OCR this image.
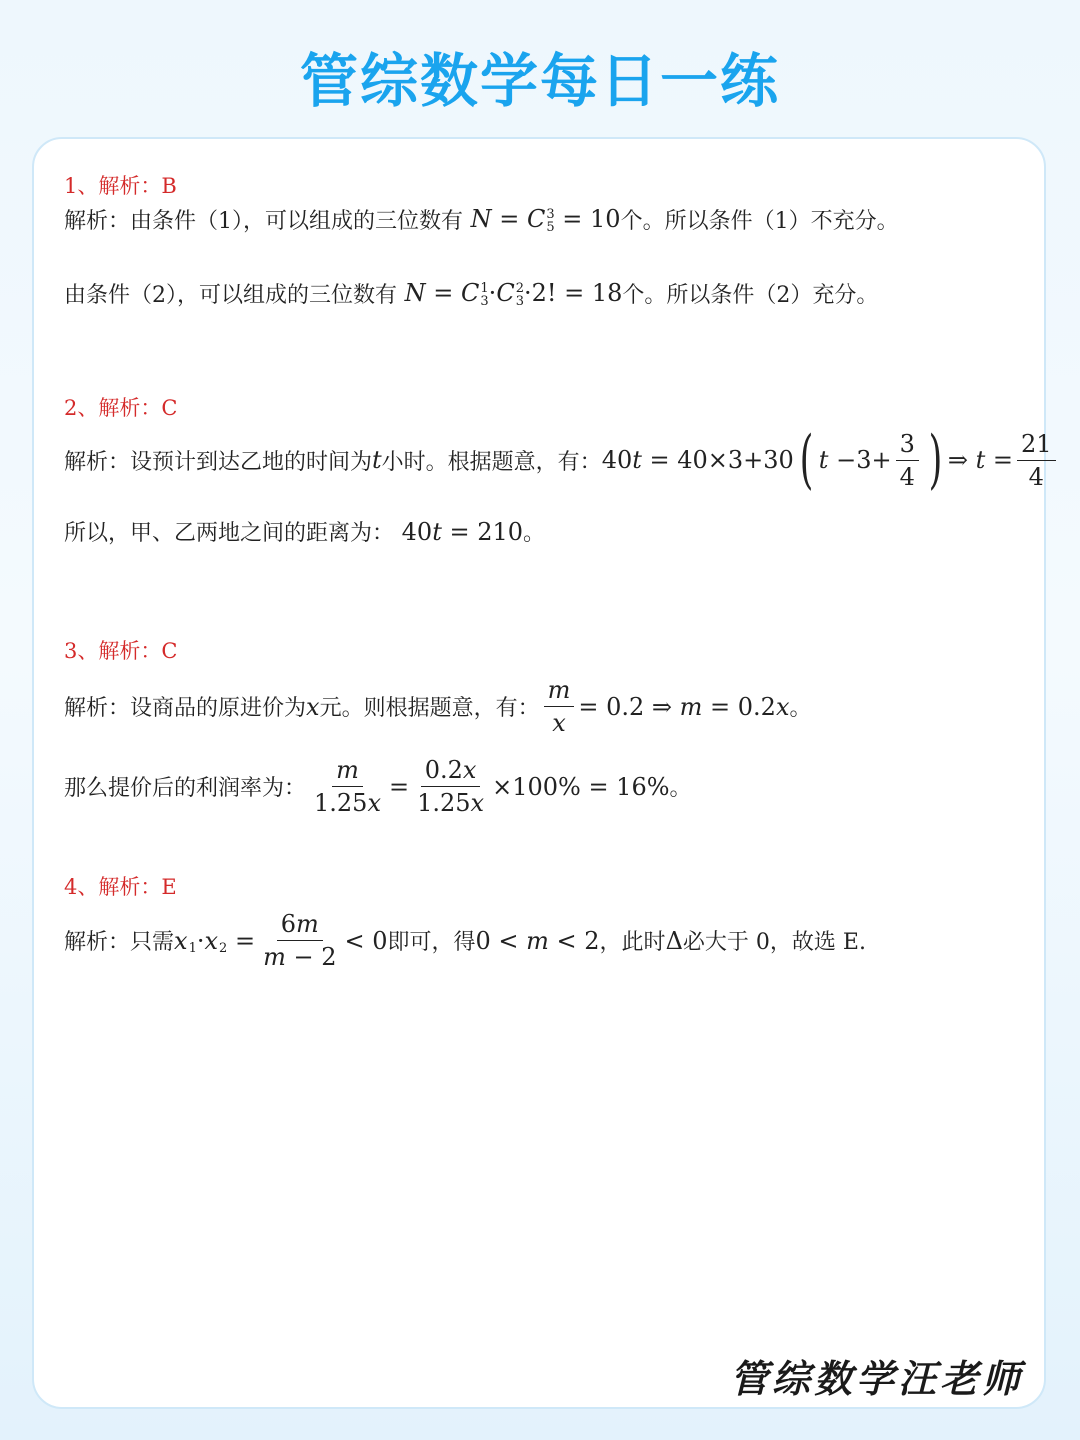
管综数学每日一练
1、解析：B
解析：由条件（1），可以组成的三位数有 N = C 3
5 = 10 个。所以条件（1）不充分。
由条件（2），可以组成的三位数有 N = C 1
3 ·C 2
3 ·2! = 18 个。所以条件（2）充分。
2、解析：C
解析：设预计到达乙地的时间为 t 小时。根据题意，有： 40 t = 40×3+30 ( $t -3+ \frac{3}{4}$ ) ⇒ $t = \frac{21}{4}$
所以，甲、乙两地之间的距离为： 40t = 210 。
3、解析：C
解析：设商品的原进价为 x 元。则根据题意，有： $\frac{m}{x} = 0.2$ ⇒ m = 0.2 x 。
那么提价后的利润率为： $\frac{m}{1.25x} = \frac{0.2x}{1.25x} \times 100\% = 16\%$ 。
4、解析：E
解析：只需 x 1 · x $2 = \frac{6m}{m - 2} < 0$ 即可，得 0 < m < 2 ，此时 Δ 必大于 0，故选 E.
管综数学汪老师
